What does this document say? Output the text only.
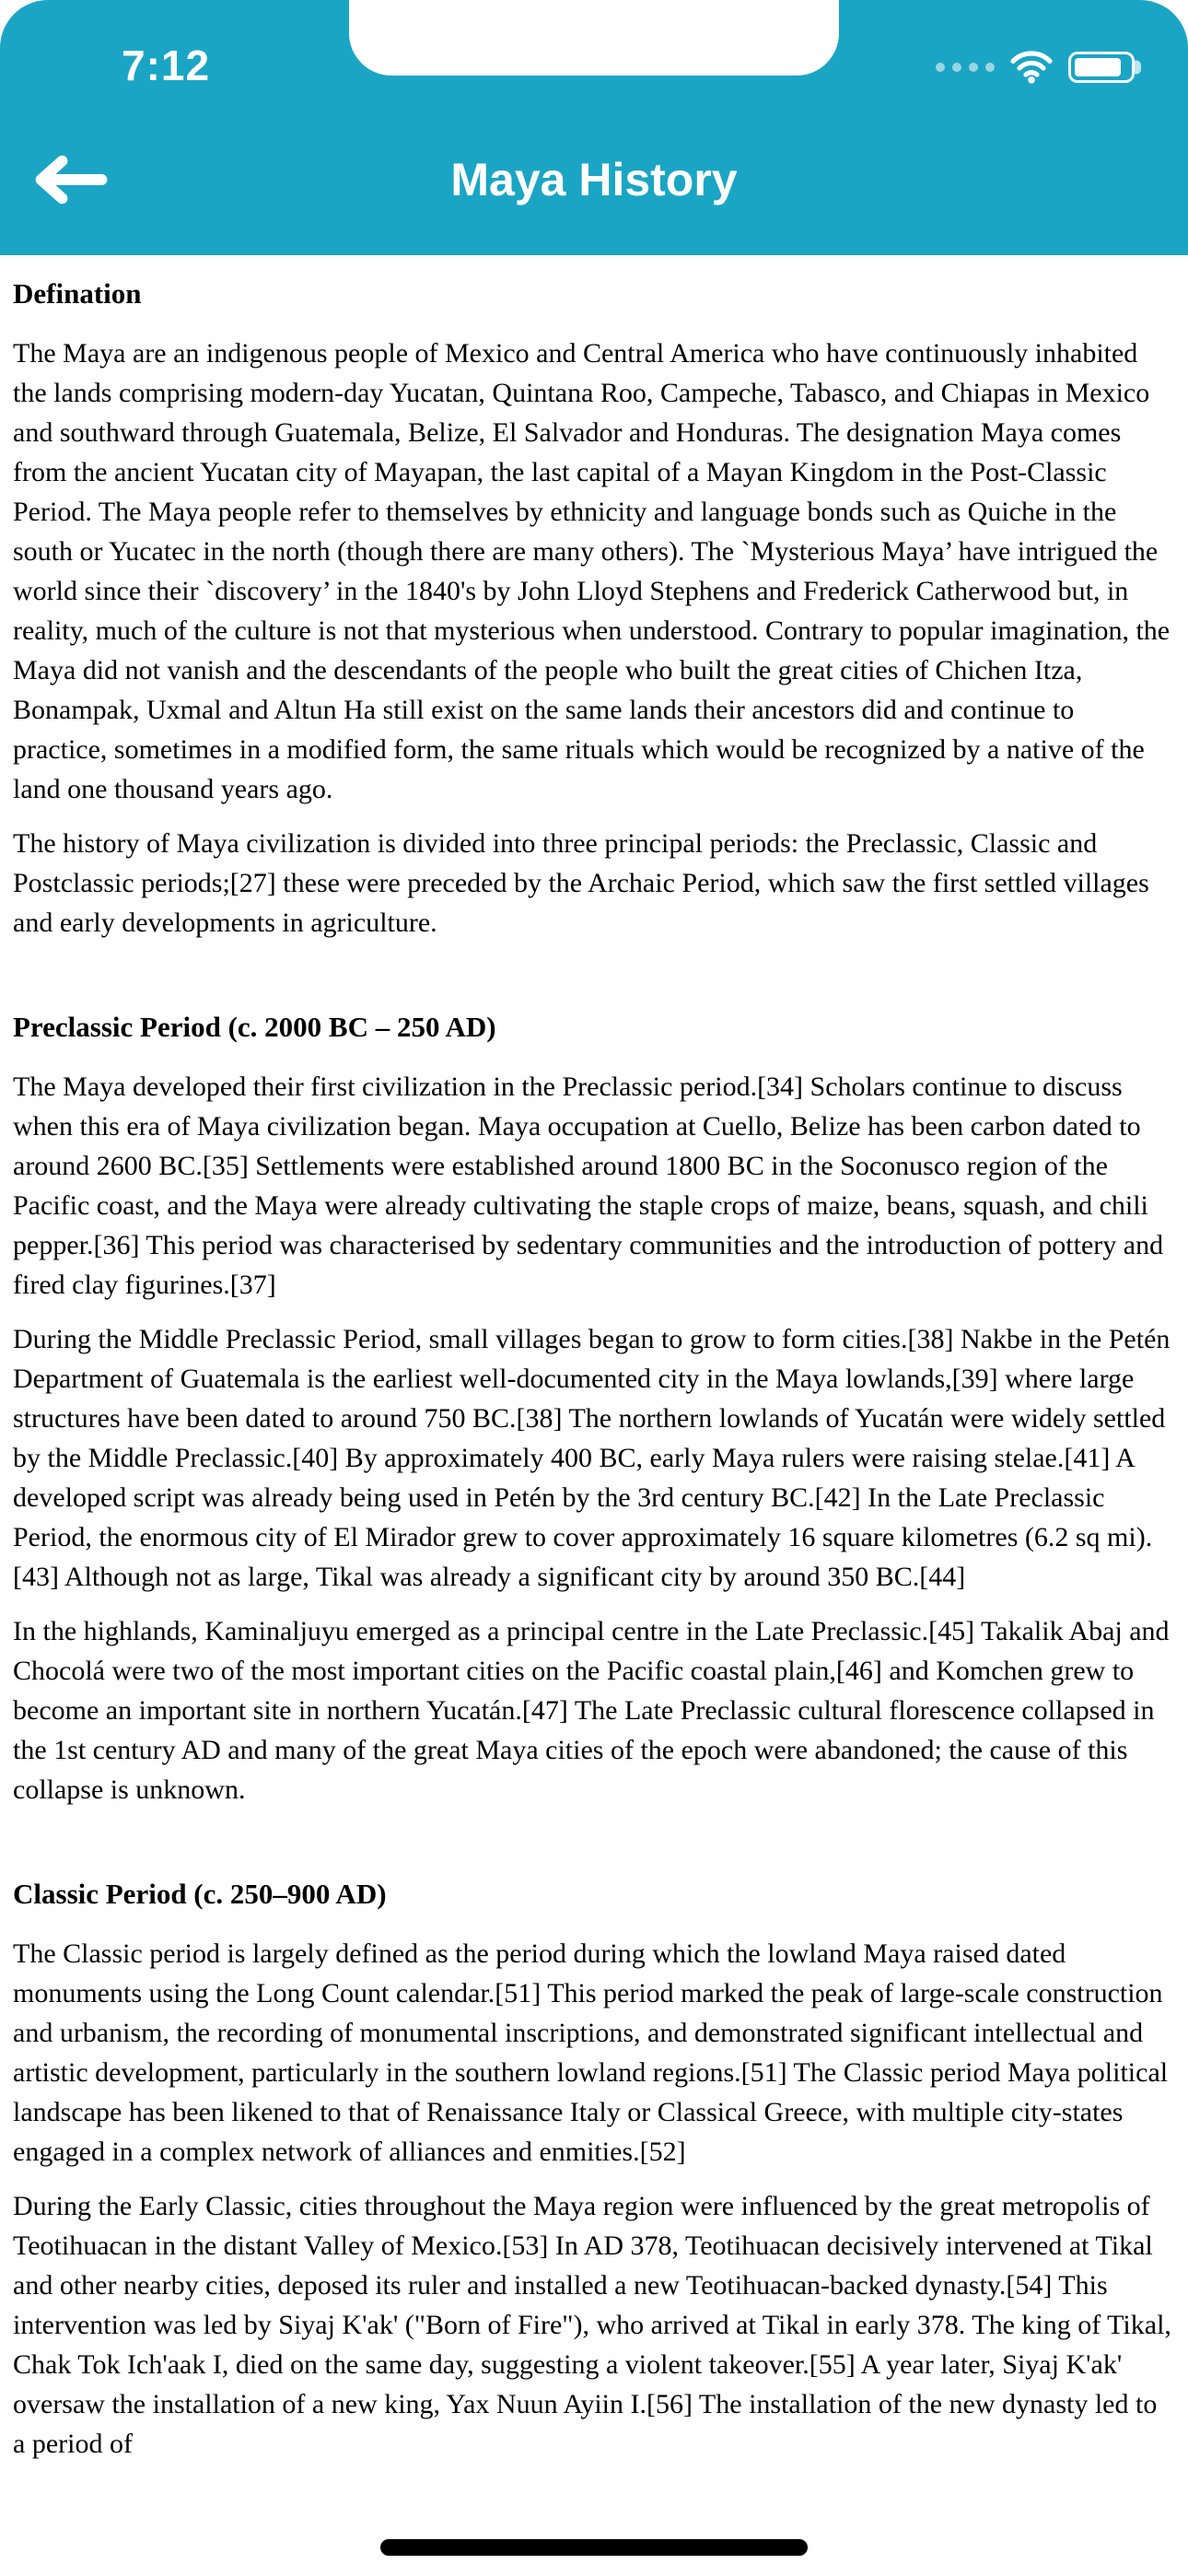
7:12
Maya History
Defination

The Maya are an indigenous people of Mexico and Central America who have continuously inhabited the lands comprising modern-day Yucatan, Quintana Roo, Campeche, Tabasco, and Chiapas in Mexico and southward through Guatemala, Belize, El Salvador and Honduras. The designation Maya comes from the ancient Yucatan city of Mayapan, the last capital of a Mayan Kingdom in the Post-Classic Period. The Maya people refer to themselves by ethnicity and language bonds such as Quiche in the south or Yucatec in the north (though there are many others). The `Mysterious Maya’ have intrigued the world since their `discovery’ in the 1840's by John Lloyd Stephens and Frederick Catherwood but, in reality, much of the culture is not that mysterious when understood. Contrary to popular imagination, the Maya did not vanish and the descendants of the people who built the great cities of Chichen Itza, Bonampak, Uxmal and Altun Ha still exist on the same lands their ancestors did and continue to practice, sometimes in a modified form, the same rituals which would be recognized by a native of the land one thousand years ago.

The history of Maya civilization is divided into three principal periods: the Preclassic, Classic and Postclassic periods;[27] these were preceded by the Archaic Period, which saw the first settled villages and early developments in agriculture.

Preclassic Period (c. 2000 BC – 250 AD)

The Maya developed their first civilization in the Preclassic period.[34] Scholars continue to discuss when this era of Maya civilization began. Maya occupation at Cuello, Belize has been carbon dated to around 2600 BC.[35] Settlements were established around 1800 BC in the Soconusco region of the Pacific coast, and the Maya were already cultivating the staple crops of maize, beans, squash, and chili pepper.[36] This period was characterised by sedentary communities and the introduction of pottery and fired clay figurines.[37]

During the Middle Preclassic Period, small villages began to grow to form cities.[38] Nakbe in the Petén Department of Guatemala is the earliest well-documented city in the Maya lowlands,[39] where large structures have been dated to around 750 BC.[38] The northern lowlands of Yucatán were widely settled by the Middle Preclassic.[40] By approximately 400 BC, early Maya rulers were raising stelae.[41] A developed script was already being used in Petén by the 3rd century BC.[42] In the Late Preclassic Period, the enormous city of El Mirador grew to cover approximately 16 square kilometres (6.2 sq mi).[43] Although not as large, Tikal was already a significant city by around 350 BC.[44]

In the highlands, Kaminaljuyu emerged as a principal centre in the Late Preclassic.[45] Takalik Abaj and Chocolá were two of the most important cities on the Pacific coastal plain,[46] and Komchen grew to become an important site in northern Yucatán.[47] The Late Preclassic cultural florescence collapsed in the 1st century AD and many of the great Maya cities of the epoch were abandoned; the cause of this collapse is unknown.

Classic Period (c. 250–900 AD)

The Classic period is largely defined as the period during which the lowland Maya raised dated monuments using the Long Count calendar.[51] This period marked the peak of large-scale construction and urbanism, the recording of monumental inscriptions, and demonstrated significant intellectual and artistic development, particularly in the southern lowland regions.[51] The Classic period Maya political landscape has been likened to that of Renaissance Italy or Classical Greece, with multiple city-states engaged in a complex network of alliances and enmities.[52]

During the Early Classic, cities throughout the Maya region were influenced by the great metropolis of Teotihuacan in the distant Valley of Mexico.[53] In AD 378, Teotihuacan decisively intervened at Tikal and other nearby cities, deposed its ruler and installed a new Teotihuacan-backed dynasty.[54] This intervention was led by Siyaj K'ak' ("Born of Fire"), who arrived at Tikal in early 378. The king of Tikal, Chak Tok Ich'aak I, died on the same day, suggesting a violent takeover.[55] A year later, Siyaj K'ak' oversaw the installation of a new king, Yax Nuun Ayiin I.[56] The installation of the new dynasty led to a period of
